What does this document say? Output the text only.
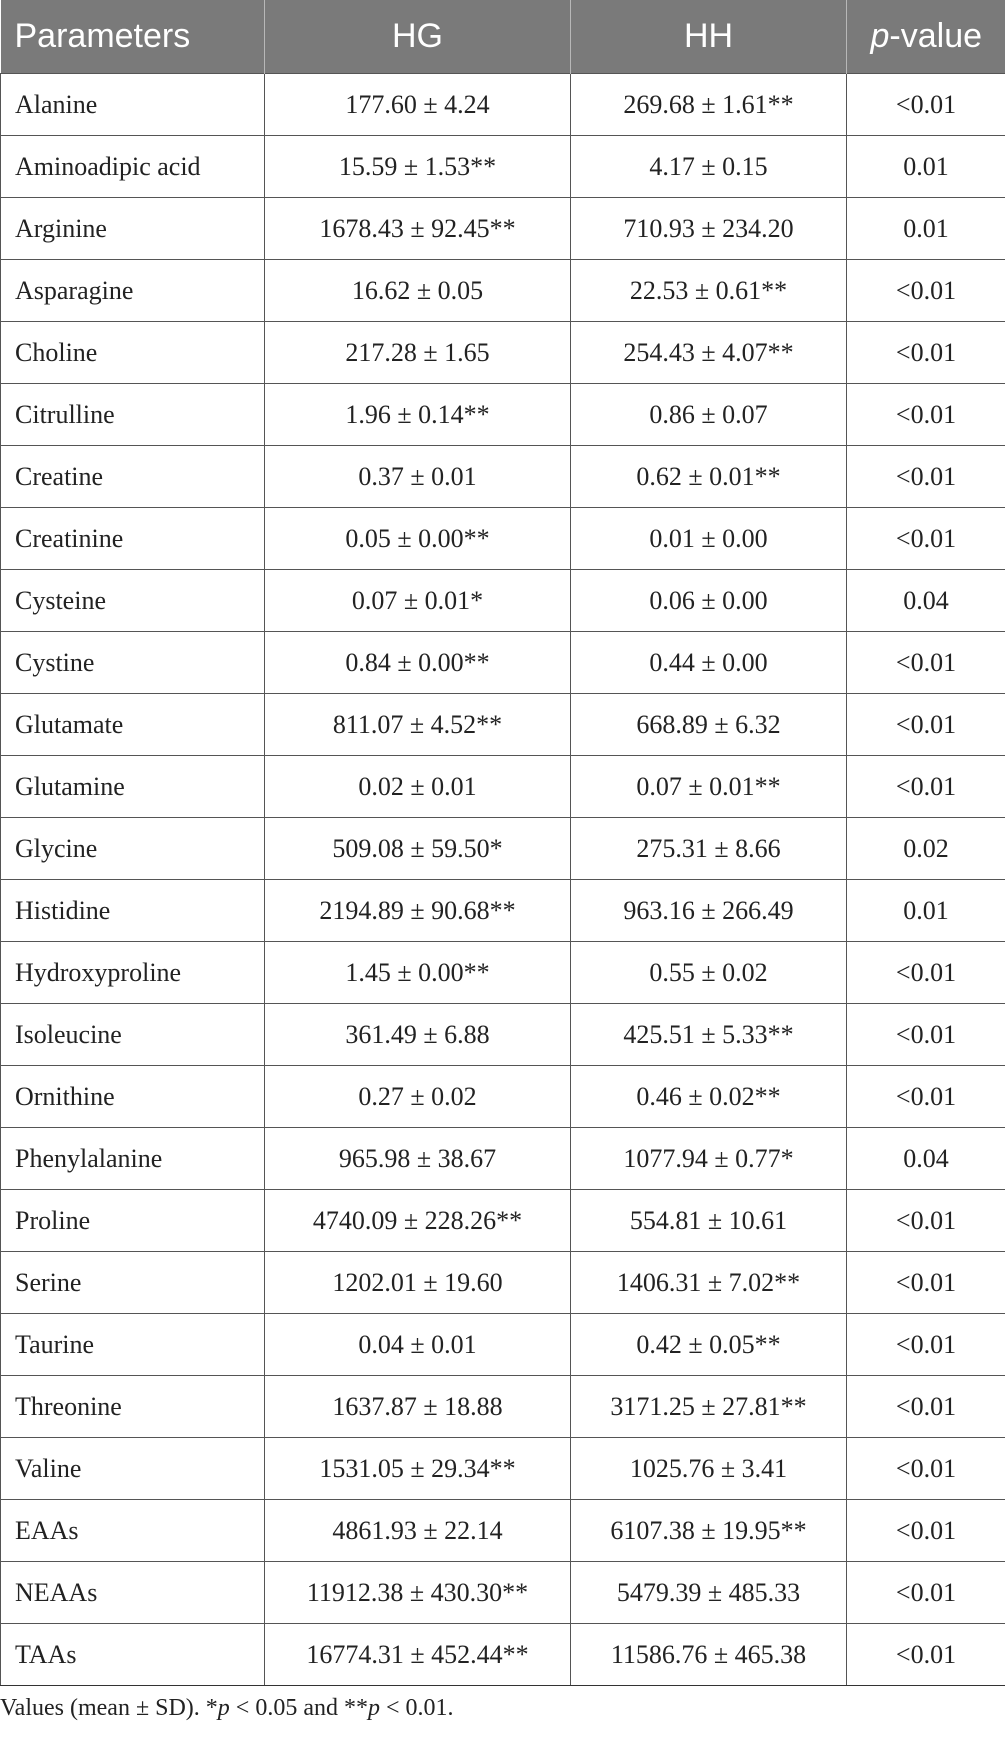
Parameters	HG	HH	p-value
Alanine	177.60 ± 4.24	269.68 ± 1.61**	<0.01
Aminoadipic acid	15.59 ± 1.53**	4.17 ± 0.15	0.01
Arginine	1678.43 ± 92.45**	710.93 ± 234.20	0.01
Asparagine	16.62 ± 0.05	22.53 ± 0.61**	<0.01
Choline	217.28 ± 1.65	254.43 ± 4.07**	<0.01
Citrulline	1.96 ± 0.14**	0.86 ± 0.07	<0.01
Creatine	0.37 ± 0.01	0.62 ± 0.01**	<0.01
Creatinine	0.05 ± 0.00**	0.01 ± 0.00	<0.01
Cysteine	0.07 ± 0.01*	0.06 ± 0.00	0.04
Cystine	0.84 ± 0.00**	0.44 ± 0.00	<0.01
Glutamate	811.07 ± 4.52**	668.89 ± 6.32	<0.01
Glutamine	0.02 ± 0.01	0.07 ± 0.01**	<0.01
Glycine	509.08 ± 59.50*	275.31 ± 8.66	0.02
Histidine	2194.89 ± 90.68**	963.16 ± 266.49	0.01
Hydroxyproline	1.45 ± 0.00**	0.55 ± 0.02	<0.01
Isoleucine	361.49 ± 6.88	425.51 ± 5.33**	<0.01
Ornithine	0.27 ± 0.02	0.46 ± 0.02**	<0.01
Phenylalanine	965.98 ± 38.67	1077.94 ± 0.77*	0.04
Proline	4740.09 ± 228.26**	554.81 ± 10.61	<0.01
Serine	1202.01 ± 19.60	1406.31 ± 7.02**	<0.01
Taurine	0.04 ± 0.01	0.42 ± 0.05**	<0.01
Threonine	1637.87 ± 18.88	3171.25 ± 27.81**	<0.01
Valine	1531.05 ± 29.34**	1025.76 ± 3.41	<0.01
EAAs	4861.93 ± 22.14	6107.38 ± 19.95**	<0.01
NEAAs	11912.38 ± 430.30**	5479.39 ± 485.33	<0.01
TAAs	16774.31 ± 452.44**	11586.76 ± 465.38	<0.01
Values (mean ± SD). *p < 0.05 and **p < 0.01.
